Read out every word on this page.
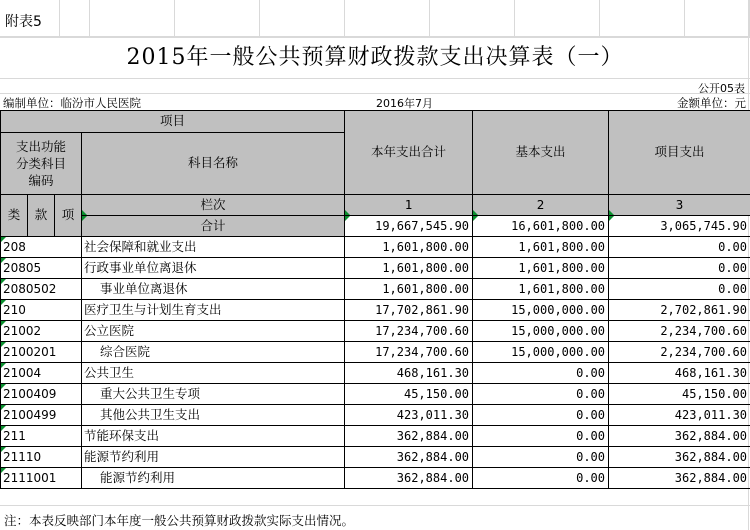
附表5
2015年一般公共预算财政拨款支出决算表（一）
公开05表
编制单位：临汾市人民医院	2016年7月	金额单位：元
项目				本年支出合计	基本支出	项目支出

支出功能
分类科目
编码			科目名称			

类	款	项	栏次	1	2	3
			合计	19,667,545.90	16,601,800.00	3,065,745.90
208			社会保障和就业支出	1,601,800.00	1,601,800.00	0.00
20805			行政事业单位离退休	1,601,800.00	1,601,800.00	0.00
2080502			事业单位离退休	1,601,800.00	1,601,800.00	0.00
210			医疗卫生与计划生育支出	17,702,861.90	15,000,000.00	2,702,861.90
21002			公立医院	17,234,700.60	15,000,000.00	2,234,700.60
2100201			综合医院	17,234,700.60	15,000,000.00	2,234,700.60
21004			公共卫生	468,161.30	0.00	468,161.30
2100409			重大公共卫生专项	45,150.00	0.00	45,150.00
2100499			其他公共卫生支出	423,011.30	0.00	423,011.30
211			节能环保支出	362,884.00	0.00	362,884.00
21110			能源节约利用	362,884.00	0.00	362,884.00
2111001			能源节约利用	362,884.00	0.00	362,884.00
注：本表反映部门本年度一般公共预算财政拨款实际支出情况。
